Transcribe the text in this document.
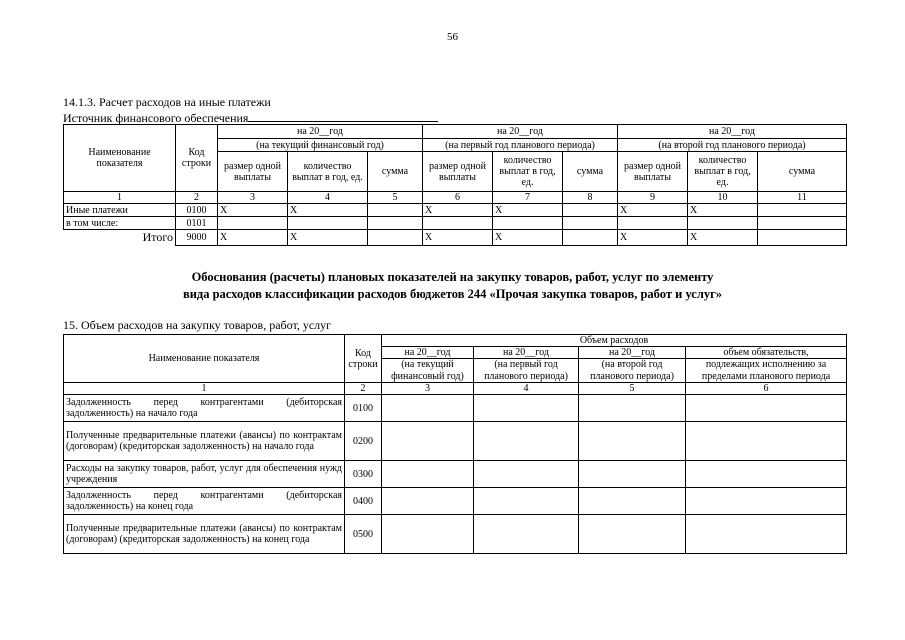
56
14.1.3. Расчет расходов на иные платежи
Источник финансового обеспечения
Наименование показателя	Код строки	на 20__год			на 20__год			на 20__год		
		(на текущий финансовый год)			(на первый год планового периода)			(на второй год планового периода)		
		размер одной выплаты	количество выплат в год, ед.	сумма	размер одной выплаты	количество выплат в год, ед.	сумма	размер одной выплаты	количество выплат в год, ед.	сумма
1	2	3	4	5	6	7	8	9	10	11
Иные платежи	0100	X	X		X	X		X	X	
в том числе:	0101									
Итого	9000	X	X		X	X		X	X	
Обоснования (расчеты) плановых показателей на закупку товаров, работ, услуг по элементу
вида расходов классификации расходов бюджетов 244 «Прочая закупка товаров, работ и услуг»
15. Объем расходов на закупку товаров, работ, услуг
Наименование показателя	Код строки	Объем расходов			
		на 20__год	на 20__год	на 20__год	объем обязательств,
		(на текущий	(на первый год	(на второй год	подлежащих исполнению за
		финансовый год)	планового периода)	планового периода)	пределами планового периода
1	2	3	4	5	6
Задолженность перед контрагентами (дебиторская задолженность) на начало года	0100				
Полученные предварительные платежи (авансы) по контрактам (договорам) (кредиторская задолженность) на начало года	0200				
Расходы на закупку товаров, работ, услуг для обеспечения нужд учреждения	0300				
Задолженность перед контрагентами (дебиторская задолженность) на конец года	0400				
Полученные предварительные платежи (авансы) по контрактам (договорам) (кредиторская задолженность) на конец года	0500				
